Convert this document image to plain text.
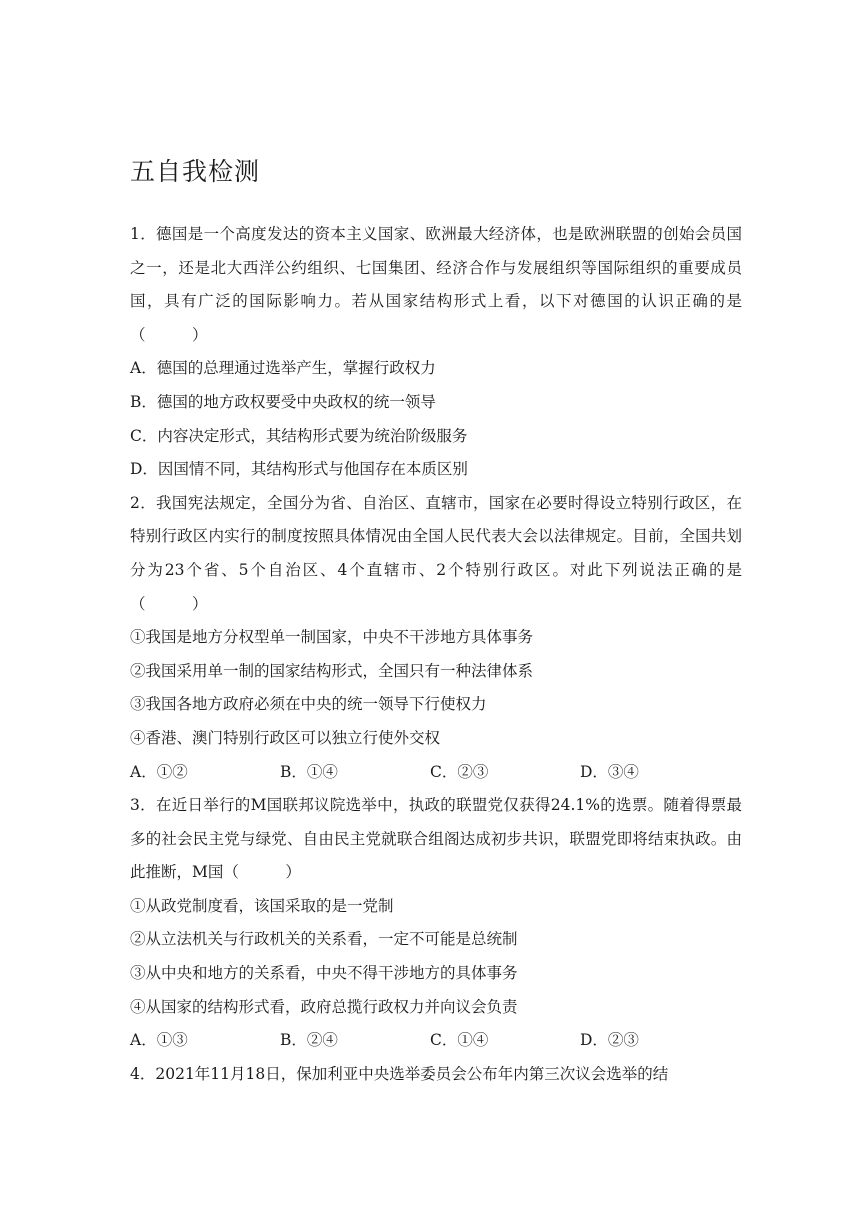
五自我检测

1．德国是一个高度发达的资本主义国家、欧洲最大经济体，也是欧洲联盟的创始会员国之一，还是北大西洋公约组织、七国集团、经济合作与发展组织等国际组织的重要成员国，具有广泛的国际影响力。若从国家结构形式上看，以下对德国的认识正确的是（　　　）

A．德国的总理通过选举产生，掌握行政权力

B．德国的地方政权要受中央政权的统一领导

C．内容决定形式，其结构形式要为统治阶级服务

D．因国情不同，其结构形式与他国存在本质区别

2．我国宪法规定，全国分为省、自治区、直辖市，国家在必要时得设立特别行政区，在特别行政区内实行的制度按照具体情况由全国人民代表大会以法律规定。目前，全国共划分为23个省、5个自治区、4个直辖市、2个特别行政区。对此下列说法正确的是（　　　）

①我国是地方分权型单一制国家，中央不干涉地方具体事务

②我国采用单一制的国家结构形式，全国只有一种法律体系

③我国各地方政府必须在中央的统一领导下行使权力

④香港、澳门特别行政区可以独立行使外交权

A．①②	B．①④	C．②③	D．③④

3．在近日举行的M国联邦议院选举中，执政的联盟党仅获得24.1%的选票。随着得票最多的社会民主党与绿党、自由民主党就联合组阁达成初步共识，联盟党即将结束执政。由此推断，M国（　　　）

①从政党制度看，该国采取的是一党制

②从立法机关与行政机关的关系看，一定不可能是总统制

③从中央和地方的关系看，中央不得干涉地方的具体事务

④从国家的结构形式看，政府总揽行政权力并向议会负责

A．①③	B．②④	C．①④	D．②③

4．2021年11月18日，保加利亚中央选举委员会公布年内第三次议会选举的结
